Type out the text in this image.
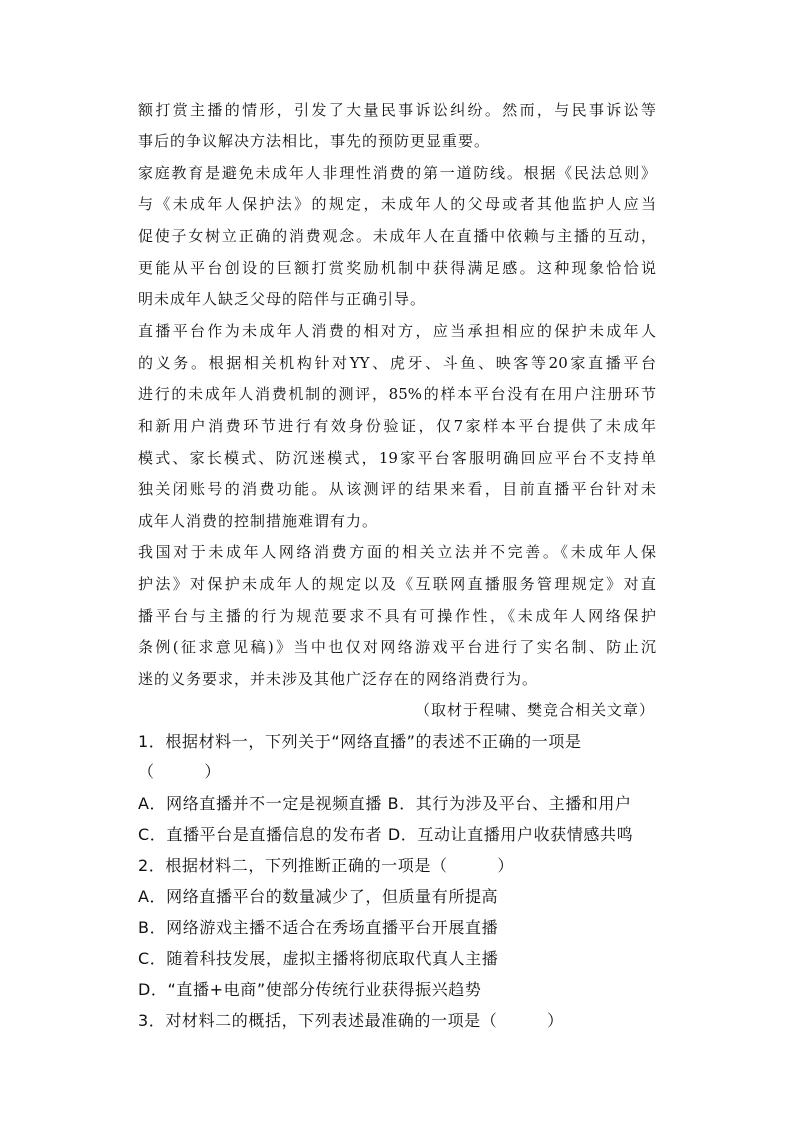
额打赏主播的情形，引发了大量民事诉讼纠纷。然而，与民事诉讼等
事后的争议解决方法相比，事先的预防更显重要。
家庭教育是避免未成年人非理性消费的第一道防线。根据《民法总则》
与《未成年人保护法》的规定，未成年人的父母或者其他监护人应当
促使子女树立正确的消费观念。未成年人在直播中依赖与主播的互动，
更能从平台创设的巨额打赏奖励机制中获得满足感。这种现象恰恰说
明未成年人缺乏父母的陪伴与正确引导。
直播平台作为未成年人消费的相对方，应当承担相应的保护未成年人
的义务。根据相关机构针对YY、虎牙、斗鱼、映客等20家直播平台
进行的未成年人消费机制的测评，85%的样本平台没有在用户注册环节
和新用户消费环节进行有效身份验证，仅7家样本平台提供了未成年
模式、家长模式、防沉迷模式，19家平台客服明确回应平台不支持单
独关闭账号的消费功能。从该测评的结果来看，目前直播平台针对未
成年人消费的控制措施难谓有力。
我国对于未成年人网络消费方面的相关立法并不完善。《未成年人保
护法》对保护未成年人的规定以及《互联网直播服务管理规定》对直
播平台与主播的行为规范要求不具有可操作性，《未成年人网络保护
条例(征求意见稿)》当中也仅对网络游戏平台进行了实名制、防止沉
迷的义务要求，并未涉及其他广泛存在的网络消费行为。
（取材于程啸、樊竞合相关文章）
1．根据材料一，下列关于“网络直播”的表述不正确的一项是
（　　　）
A．网络直播并不一定是视频直播 B．其行为涉及平台、主播和用户
C．直播平台是直播信息的发布者 D．互动让直播用户收获情感共鸣
2．根据材料二，下列推断正确的一项是（　　　）
A．网络直播平台的数量减少了，但质量有所提高
B．网络游戏主播不适合在秀场直播平台开展直播
C．随着科技发展，虚拟主播将彻底取代真人主播
D．“直播+电商”使部分传统行业获得振兴趋势
3．对材料二的概括，下列表述最准确的一项是（　　　）
